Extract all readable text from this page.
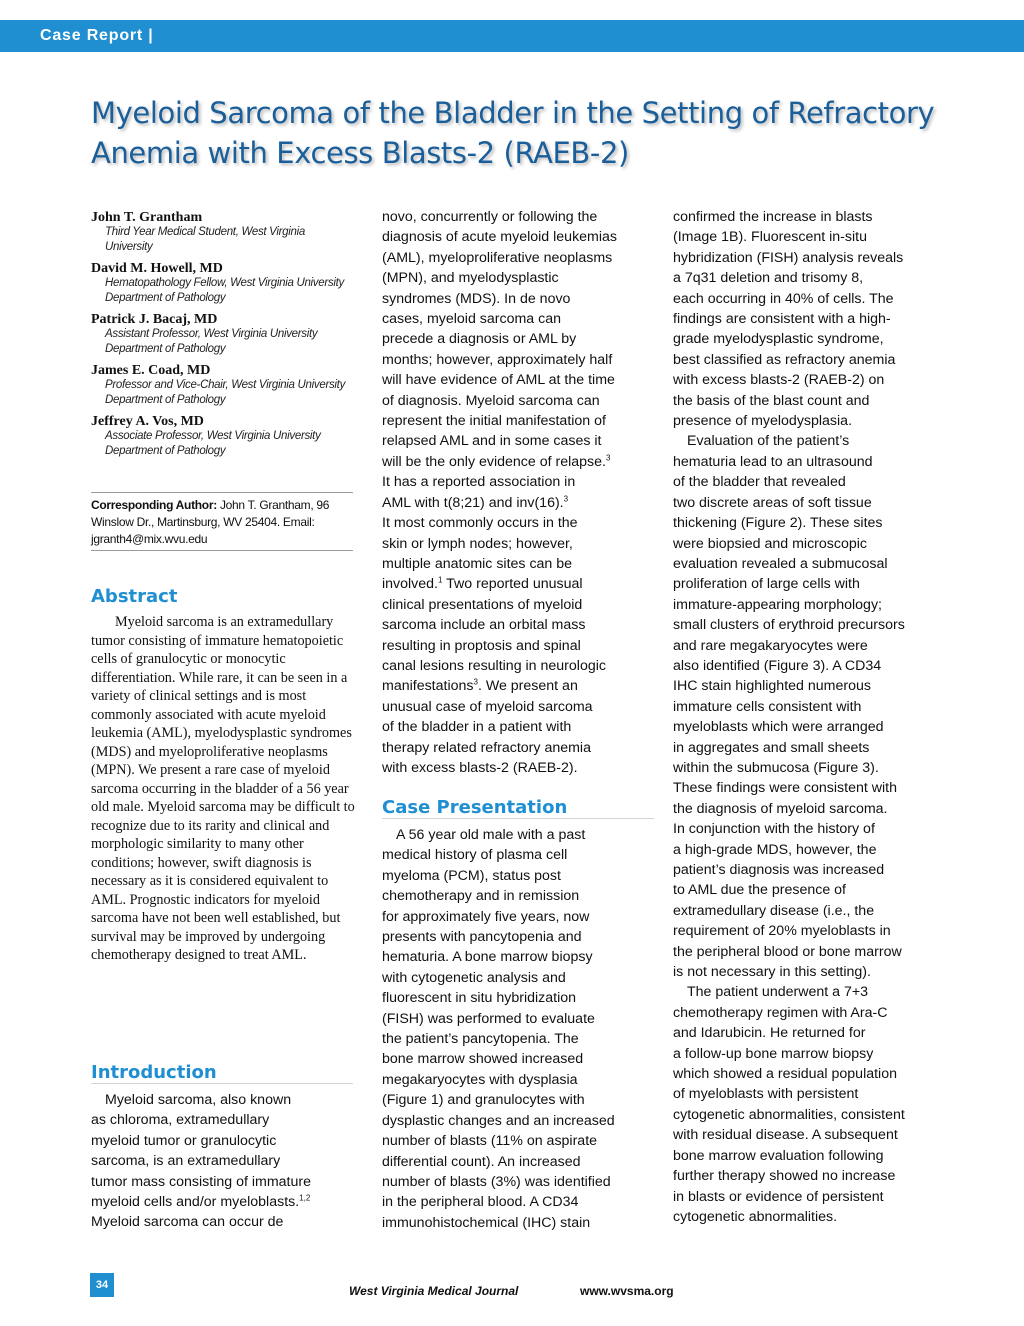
Case Report |
Myeloid Sarcoma of the Bladder in the Setting of Refractory Anemia with Excess Blasts-2 (RAEB-2)
John T. Grantham
Third Year Medical Student, West Virginia
University
David M. Howell, MD
Hematopathology Fellow, West Virginia University
Department of Pathology
Patrick J. Bacaj, MD
Assistant Professor, West Virginia University
Department of Pathology
James E. Coad, MD
Professor and Vice-Chair, West Virginia University
Department of Pathology
Jeffrey A. Vos, MD
Associate Professor, West Virginia University
Department of Pathology
Corresponding Author: John T. Grantham, 96
Winslow Dr., Martinsburg, WV 25404. Email:
jgranth4@mix.wvu.edu
Abstract

Myeloid sarcoma is an extramedullary tumor consisting of immature hematopoietic cells of granulocytic or monocytic differentiation. While rare, it can be seen in a variety of clinical settings and is most commonly associated with acute myeloid leukemia (AML), myelodysplastic syndromes (MDS) and myeloproliferative neoplasms (MPN). We present a rare case of myeloid sarcoma occurring in the bladder of a 56 year old male. Myeloid sarcoma may be difficult to recognize due to its rarity and clinical and morphologic similarity to many other conditions; however, swift diagnosis is necessary as it is considered equivalent to AML. Prognostic indicators for myeloid sarcoma have not been well established, but survival may be improved by undergoing chemotherapy designed to treat AML.

Introduction

Myeloid sarcoma, also known

as chloroma, extramedullary

myeloid tumor or granulocytic

sarcoma, is an extramedullary

tumor mass consisting of immature

myeloid cells and/or myeloblasts.$^{1,2}$

Myeloid sarcoma can occur de

novo, concurrently or following the

diagnosis of acute myeloid leukemias

(AML), myeloproliferative neoplasms

(MPN), and myelodysplastic

syndromes (MDS). In de novo

cases, myeloid sarcoma can

precede a diagnosis or AML by

months; however, approximately half

will have evidence of AML at the time

of diagnosis. Myeloid sarcoma can

represent the initial manifestation of

relapsed AML and in some cases it

will be the only evidence of relapse.$^3$

It has a reported association in

AML with t(8;21) and inv(16).$^3$

It most commonly occurs in the

skin or lymph nodes; however,

multiple anatomic sites can be

involved.$^1$ Two reported unusual

clinical presentations of myeloid

sarcoma include an orbital mass

resulting in proptosis and spinal

canal lesions resulting in neurologic

manifestations$^3$. We present an

unusual case of myeloid sarcoma

of the bladder in a patient with

therapy related refractory anemia

with excess blasts-2 (RAEB-2).

Case Presentation

A 56 year old male with a past

medical history of plasma cell

myeloma (PCM), status post

chemotherapy and in remission

for approximately five years, now

presents with pancytopenia and

hematuria. A bone marrow biopsy

with cytogenetic analysis and

fluorescent in situ hybridization

(FISH) was performed to evaluate

the patient’s pancytopenia. The

bone marrow showed increased

megakaryocytes with dysplasia

(Figure 1) and granulocytes with

dysplastic changes and an increased

number of blasts (11% on aspirate

differential count). An increased

number of blasts (3%) was identified

in the peripheral blood. A CD34

immunohistochemical (IHC) stain

confirmed the increase in blasts

(Image 1B). Fluorescent in-situ

hybridization (FISH) analysis reveals

a 7q31 deletion and trisomy 8,

each occurring in 40% of cells. The

findings are consistent with a high-

grade myelodysplastic syndrome,

best classified as refractory anemia

with excess blasts-2 (RAEB-2) on

the basis of the blast count and

presence of myelodysplasia.

Evaluation of the patient’s

hematuria lead to an ultrasound

of the bladder that revealed

two discrete areas of soft tissue

thickening (Figure 2). These sites

were biopsied and microscopic

evaluation revealed a submucosal

proliferation of large cells with

immature-appearing morphology;

small clusters of erythroid precursors

and rare megakaryocytes were

also identified (Figure 3). A CD34

IHC stain highlighted numerous

immature cells consistent with

myeloblasts which were arranged

in aggregates and small sheets

within the submucosa (Figure 3).

These findings were consistent with

the diagnosis of myeloid sarcoma.

In conjunction with the history of

a high-grade MDS, however, the

patient’s diagnosis was increased

to AML due the presence of

extramedullary disease (i.e., the

requirement of 20% myeloblasts in

the peripheral blood or bone marrow

is not necessary in this setting).

The patient underwent a 7+3

chemotherapy regimen with Ara-C

and Idarubicin. He returned for

a follow-up bone marrow biopsy

which showed a residual population

of myeloblasts with persistent

cytogenetic abnormalities, consistent

with residual disease. A subsequent

bone marrow evaluation following

further therapy showed no increase

in blasts or evidence of persistent

cytogenetic abnormalities.

34	West Virginia Medical Journal	www.wvsma.org
